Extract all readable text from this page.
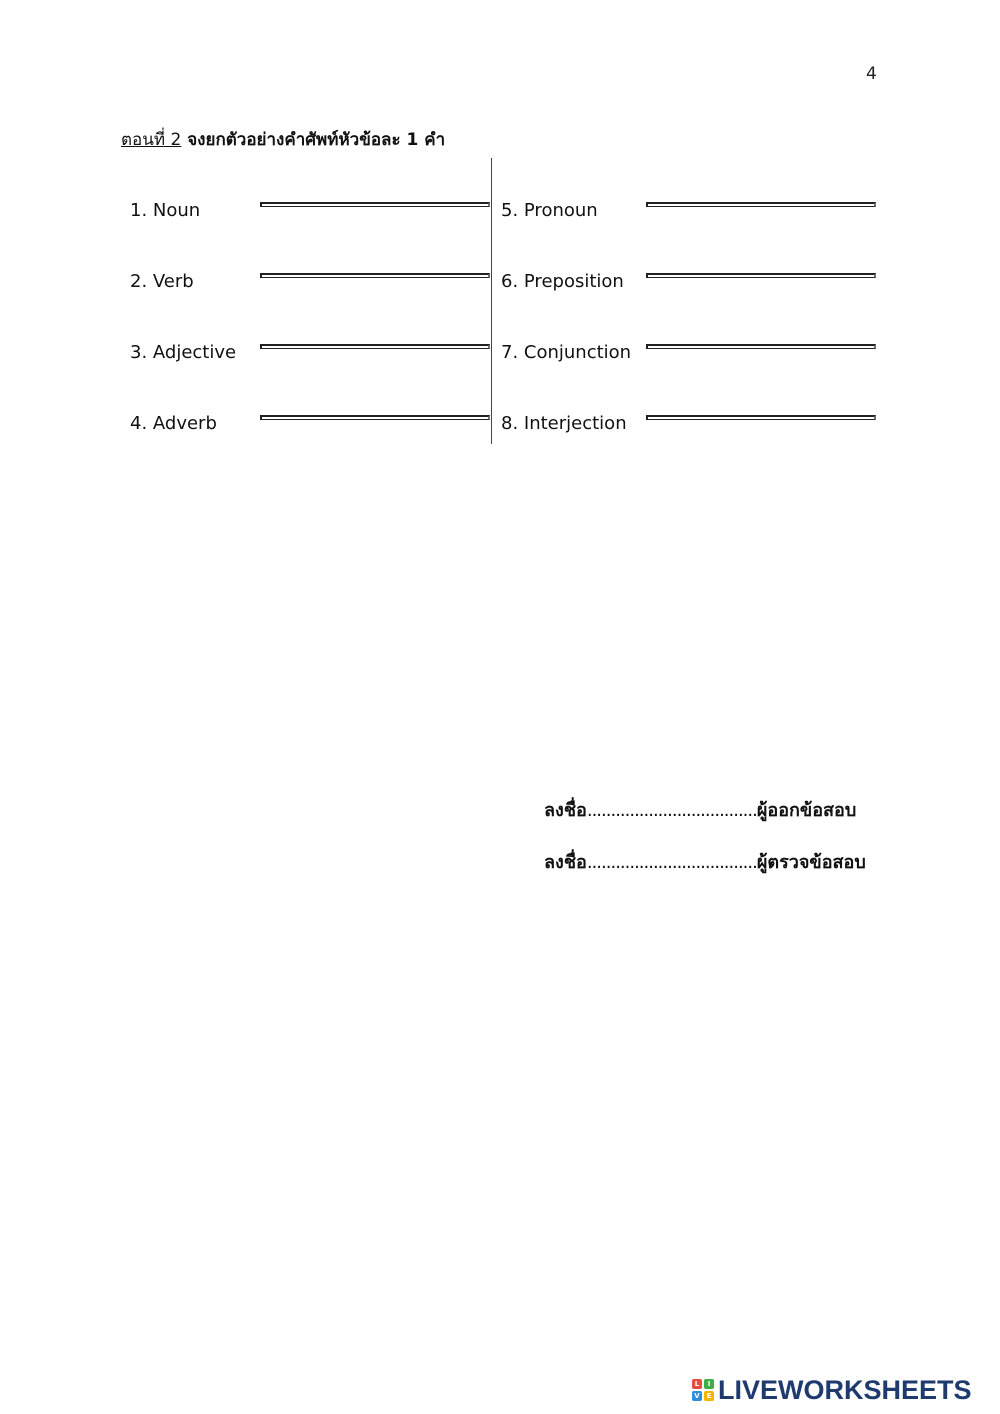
4
ตอนที่ 2 จงยกตัวอย่างคำศัพท์หัวข้อละ 1 คำ
1. Noun
2. Verb
3. Adjective
4. Adverb
5. Pronoun
6. Preposition
7. Conjunction
8. Interjection
ลงชื่อ....................................ผู้ออกข้อสอบ
ลงชื่อ....................................ผู้ตรวจข้อสอบ
L	I
V E LIVEWORKSHEETS
